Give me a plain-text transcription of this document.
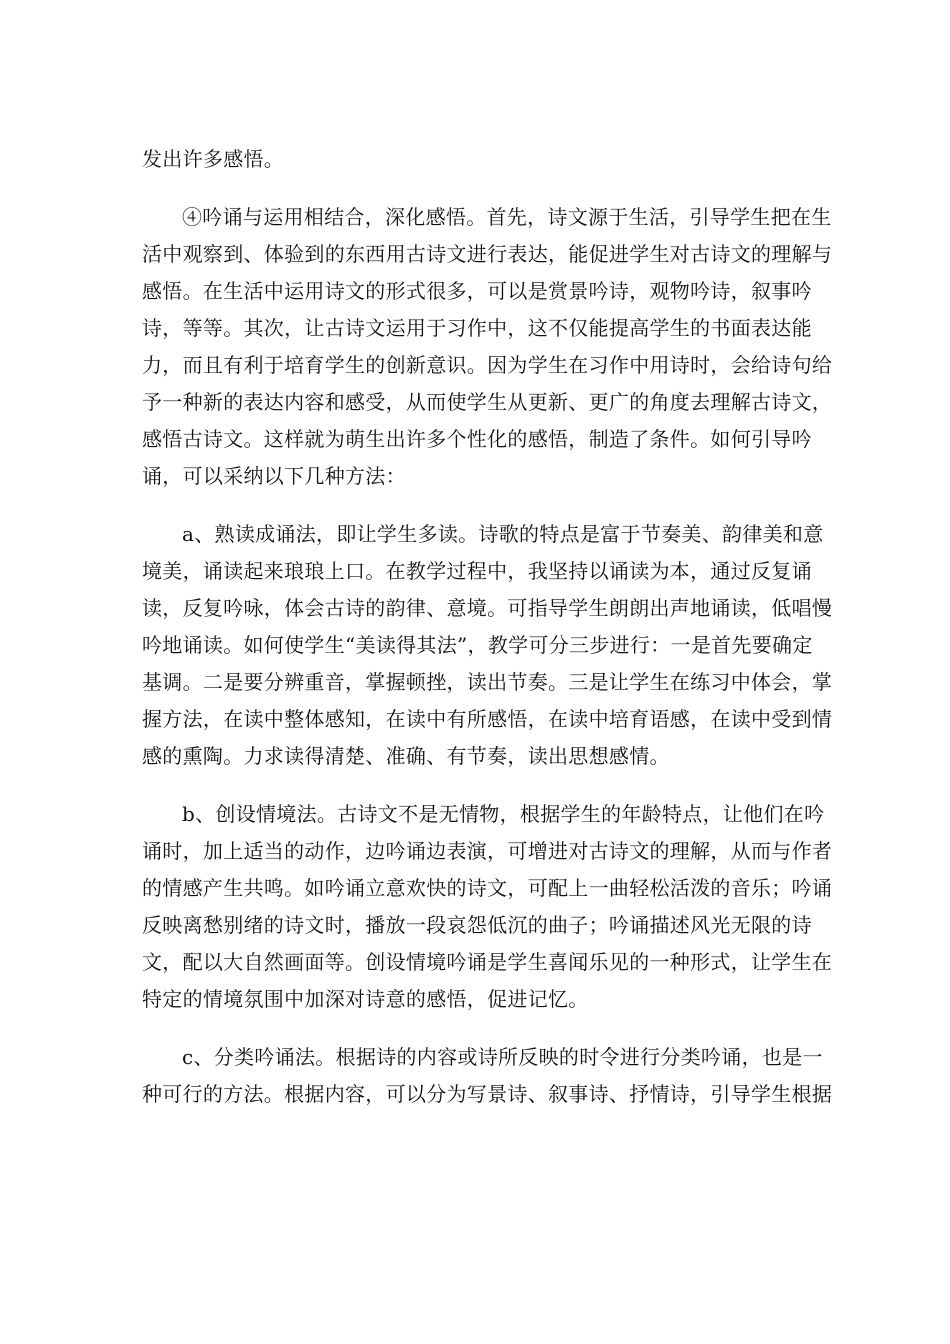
发出许多感悟。
④吟诵与运用相结合，深化感悟。首先，诗文源于生活，引导学生把在生
活中观察到、体验到的东西用古诗文进行表达，能促进学生对古诗文的理解与
感悟。在生活中运用诗文的形式很多，可以是赏景吟诗，观物吟诗，叙事吟
诗，等等。其次，让古诗文运用于习作中，这不仅能提高学生的书面表达能
力，而且有利于培育学生的创新意识。因为学生在习作中用诗时，会给诗句给
予一种新的表达内容和感受，从而使学生从更新、更广的角度去理解古诗文，
感悟古诗文。这样就为萌生出许多个性化的感悟，制造了条件。如何引导吟
诵，可以采纳以下几种方法：
a、熟读成诵法，即让学生多读。诗歌的特点是富于节奏美、韵律美和意
境美，诵读起来琅琅上口。在教学过程中，我坚持以诵读为本，通过反复诵
读，反复吟咏，体会古诗的韵律、意境。可指导学生朗朗出声地诵读，低唱慢
吟地诵读。如何使学生“美读得其法”，教学可分三步进行：一是首先要确定
基调。二是要分辨重音，掌握顿挫，读出节奏。三是让学生在练习中体会，掌
握方法，在读中整体感知，在读中有所感悟，在读中培育语感，在读中受到情
感的熏陶。力求读得清楚、准确、有节奏，读出思想感情。
b、创设情境法。古诗文不是无情物，根据学生的年龄特点，让他们在吟
诵时，加上适当的动作，边吟诵边表演，可增进对古诗文的理解，从而与作者
的情感产生共鸣。如吟诵立意欢快的诗文，可配上一曲轻松活泼的音乐；吟诵
反映离愁别绪的诗文时，播放一段哀怨低沉的曲子；吟诵描述风光无限的诗
文，配以大自然画面等。创设情境吟诵是学生喜闻乐见的一种形式，让学生在
特定的情境氛围中加深对诗意的感悟，促进记忆。
c、分类吟诵法。根据诗的内容或诗所反映的时令进行分类吟诵，也是一
种可行的方法。根据内容，可以分为写景诗、叙事诗、抒情诗，引导学生根据
